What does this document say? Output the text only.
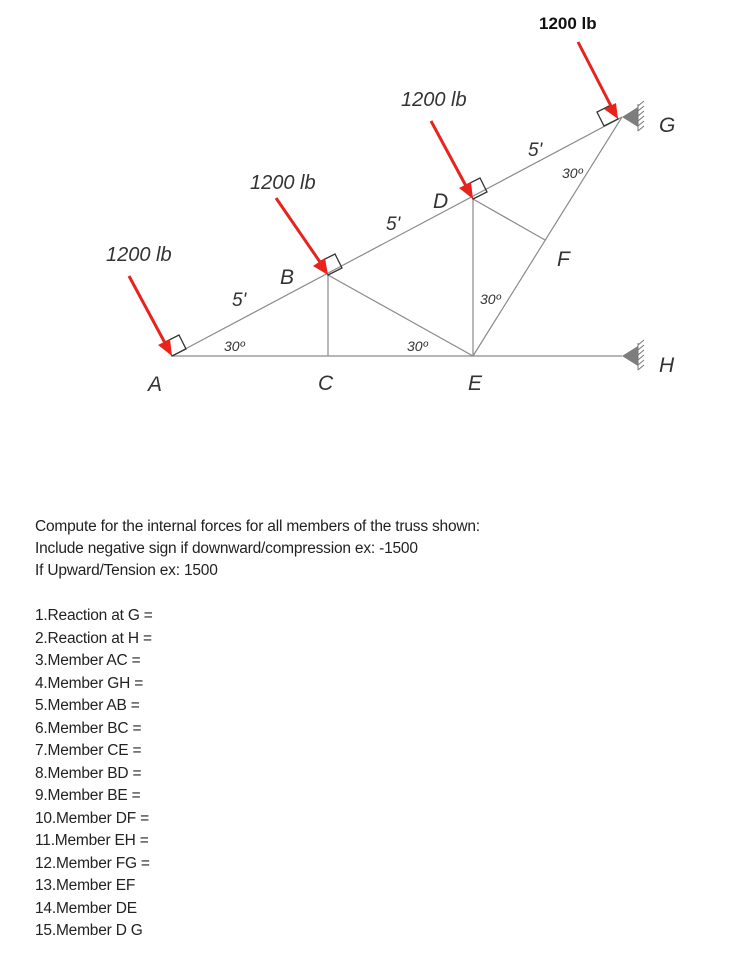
1200 lb
1200 lb
1200 lb
1200 lb
A
B
C
D
E
F
G
H
5'
5'
5'
30º	30º
30º
30º

Compute for the internal forces for all members of the truss shown:

Include negative sign if downward/compression ex: -1500

If Upward/Tension ex: 1500

1.Reaction at G =
2.Reaction at H =
3.Member AC =
4.Member GH =
5.Member AB =
6.Member BC =
7.Member CE =
8.Member BD =
9.Member BE =
10.Member DF =
11.Member EH =
12.Member FG =
13.Member EF
14.Member DE
15.Member D G
